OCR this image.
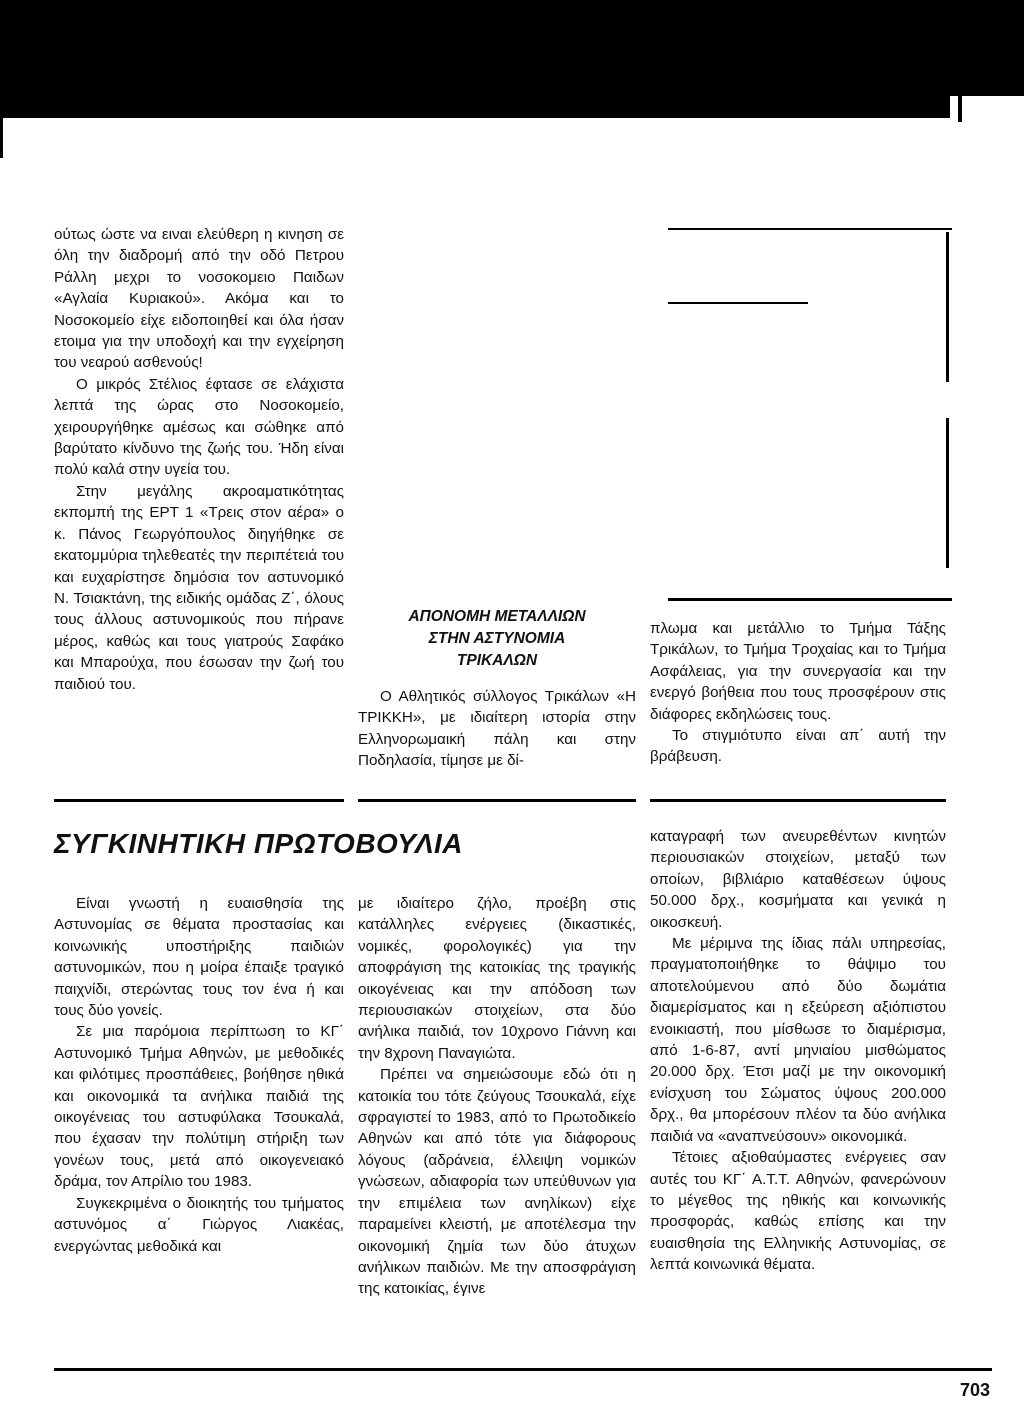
ούτως ώστε να ειναι ελεύθερη η κινηση σε όλη την διαδρομή από την οδό Πετρου Ράλλη μεχρι το νοσοκομειο Παιδων «Αγλαία Κυριακού». Ακόμα και το Νοσοκομείο είχε ειδοποιηθεί και όλα ήσαν ετοιμα για την υποδοχή και την εγχείρηση του νεαρού ασθενούς!

Ο μικρός Στέλιος έφτασε σε ελάχιστα λεπτά της ώρας στο Νοσοκομείο, χειρουργήθηκε αμέσως και σώθηκε από βαρύτατο κίνδυνο της ζωής του. Ήδη είναι πολύ καλά στην υγεία του.

Στην μεγάλης ακροαματικότητας εκπομπή της ΕΡΤ 1 «Τρεις στον αέρα» ο κ. Πάνος Γεωργόπουλος διηγήθηκε σε εκατομμύρια τηλεθεατές την περιπέτειά του και ευχαρίστησε δημόσια τον αστυνομικό Ν. Τσιακτάνη, της ειδικής ομάδας Ζ΄, όλους τους άλλους αστυνομικούς που πήρανε μέρος, καθώς και τους γιατρούς Σαφάκο και Μπαρούχα, που έσωσαν την ζωή του παιδιού του.

ΑΠΟΝΟΜΗ ΜΕΤΑΛΛΙΩΝ
ΣΤΗΝ ΑΣΤΥΝΟΜΙΑ
ΤΡΙΚΑΛΩΝ

Ο Αθλητικός σύλλογος Τρικάλων «Η ΤΡΙΚΚΗ», με ιδιαίτερη ιστορία στην Ελληνορωμαική πάλη και στην Ποδηλασία, τίμησε με δί-

πλωμα και μετάλλιο το Τμήμα Τάξης Τρικάλων, το Τμήμα Τροχαίας και το Τμήμα Ασφάλειας, για την συνεργασία και την ενεργό βοήθεια που τους προσφέρουν στις διάφορες εκδηλώσεις τους.

Το στιγμιότυπο είναι απ΄ αυτή την βράβευση.

ΣΥΓΚΙΝΗΤΙΚΗ ΠΡΩΤΟΒΟΥΛΙΑ

Είναι γνωστή η ευαισθησία της Αστυνομίας σε θέματα προστασίας και κοινωνικής υποστήριξης παιδιών αστυνομικών, που η μοίρα έπαιξε τραγικό παιχνίδι, στερώντας τους τον ένα ή και τους δύο γονείς.

Σε μια παρόμοια περίπτωση το ΚΓ΄ Αστυνομικό Τμήμα Αθηνών, με μεθοδικές και φιλότιμες προσπάθειες, βοήθησε ηθικά και οικονομικά τα ανήλικα παιδιά της οικογένειας του αστυφύλακα Τσουκαλά, που έχασαν την πολύτιμη στήριξη των γονέων τους, μετά από οικογενειακό δράμα, τον Απρίλιο του 1983.

Συγκεκριμένα ο διοικητής του τμήματος αστυνόμος α΄ Γιώργος Λιακέας, ενεργώντας μεθοδικά και

με ιδιαίτερο ζήλο, προέβη στις κατάλληλες ενέργειες (δικαστικές, νομικές, φορολογικές) για την αποφράγιση της κατοικίας της τραγικής οικογένειας και την απόδοση των περιουσιακών στοιχείων, στα δύο ανήλικα παιδιά, τον 10χρονο Γιάννη και την 8χρονη Παναγιώτα.

Πρέπει να σημειώσουμε εδώ ότι η κατοικία του τότε ζεύγους Τσουκαλά, είχε σφραγιστεί το 1983, από το Πρωτοδικείο Αθηνών και από τότε για διάφορους λόγους (αδράνεια, έλλειψη νομικών γνώσεων, αδιαφορία των υπεύθυνων για την επιμέλεια των ανηλίκων) είχε παραμείνει κλειστή, με αποτέλεσμα την οικονομική ζημία των δύο άτυχων ανήλικων παιδιών. Με την αποσφράγιση της κατοικίας, έγινε

καταγραφή των ανευρεθέντων κινητών περιουσιακών στοιχείων, μεταξύ των οποίων, βιβλιάριο καταθέσεων ύψους 50.000 δρχ., κοσμήματα και γενικά η οικοσκευή.

Με μέριμνα της ίδιας πάλι υπηρεσίας, πραγματοποιήθηκε το θάψιμο του αποτελούμενου από δύο δωμάτια διαμερίσματος και η εξεύρεση αξιόπιστου ενοικιαστή, που μίσθωσε το διαμέρισμα, από 1-6-87, αντί μηνιαίου μισθώματος 20.000 δρχ. Έτσι μαζί με την οικονομική ενίσχυση του Σώματος ύψους 200.000 δρχ., θα μπορέσουν πλέον τα δύο ανήλικα παιδιά να «αναπνεύσουν» οικονομικά.

Τέτοιες αξιοθαύμαστες ενέργειες σαν αυτές του ΚΓ΄ Α.Τ.Τ. Αθηνών, φανερώνουν το μέγεθος της ηθικής και κοινωνικής προσφοράς, καθώς επίσης και την ευαισθησία της Ελληνικής Αστυνομίας, σε λεπτά κοινωνικά θέματα.

703
